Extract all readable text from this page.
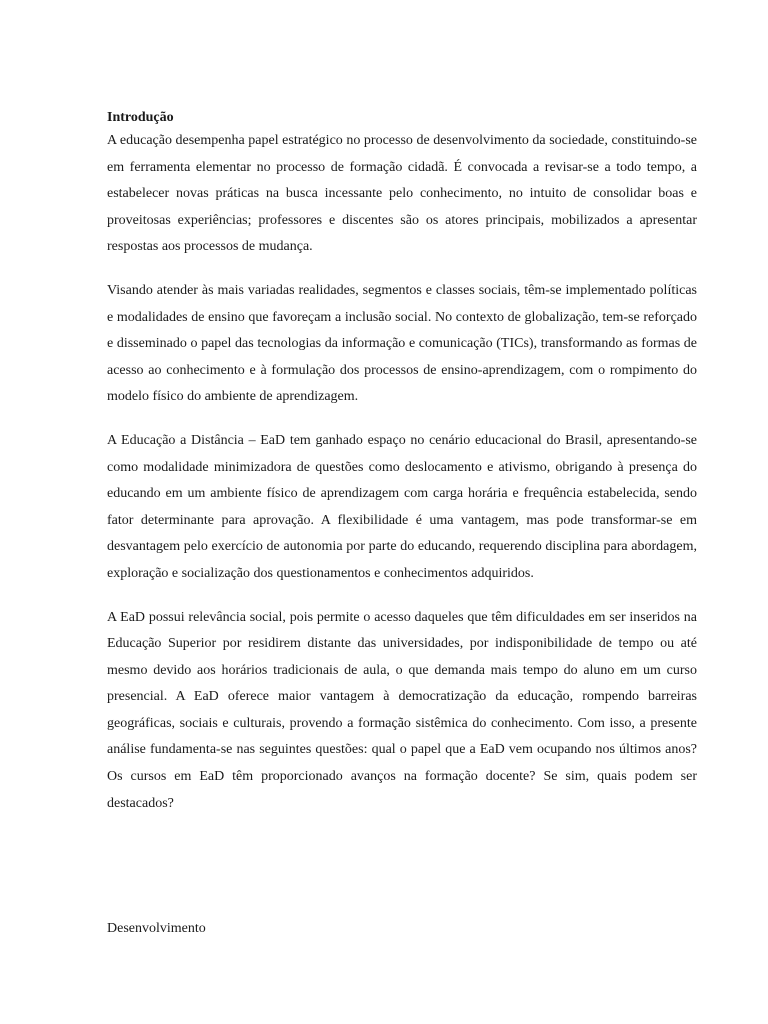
Introdução

A educação desempenha papel estratégico no processo de desenvolvimento da sociedade, constituindo-se em ferramenta elementar no processo de formação cidadã. É convocada a revisar-se a todo tempo, a estabelecer novas práticas na busca incessante pelo conhecimento, no intuito de consolidar boas e proveitosas experiências; professores e discentes são os atores principais, mobilizados a apresentar respostas aos processos de mudança.

Visando atender às mais variadas realidades, segmentos e classes sociais, têm-se implementado políticas e modalidades de ensino que favoreçam a inclusão social. No contexto de globalização, tem-se reforçado e disseminado o papel das tecnologias da informação e comunicação (TICs), transformando as formas de acesso ao conhecimento e à formulação dos processos de ensino-aprendizagem, com o rompimento do modelo físico do ambiente de aprendizagem.

A Educação a Distância – EaD tem ganhado espaço no cenário educacional do Brasil, apresentando-se como modalidade minimizadora de questões como deslocamento e ativismo, obrigando à presença do educando em um ambiente físico de aprendizagem com carga horária e frequência estabelecida, sendo fator determinante para aprovação. A flexibilidade é uma vantagem, mas pode transformar-se em desvantagem pelo exercício de autonomia por parte do educando, requerendo disciplina para abordagem, exploração e socialização dos questionamentos e conhecimentos adquiridos.

A EaD possui relevância social, pois permite o acesso daqueles que têm dificuldades em ser inseridos na Educação Superior por residirem distante das universidades, por indisponibilidade de tempo ou até mesmo devido aos horários tradicionais de aula, o que demanda mais tempo do aluno em um curso presencial. A EaD oferece maior vantagem à democratização da educação, rompendo barreiras geográficas, sociais e culturais, provendo a formação sistêmica do conhecimento. Com isso, a presente análise fundamenta-se nas seguintes questões: qual o papel que a EaD vem ocupando nos últimos anos? Os cursos em EaD têm proporcionado avanços na formação docente? Se sim, quais podem ser destacados?

Desenvolvimento
